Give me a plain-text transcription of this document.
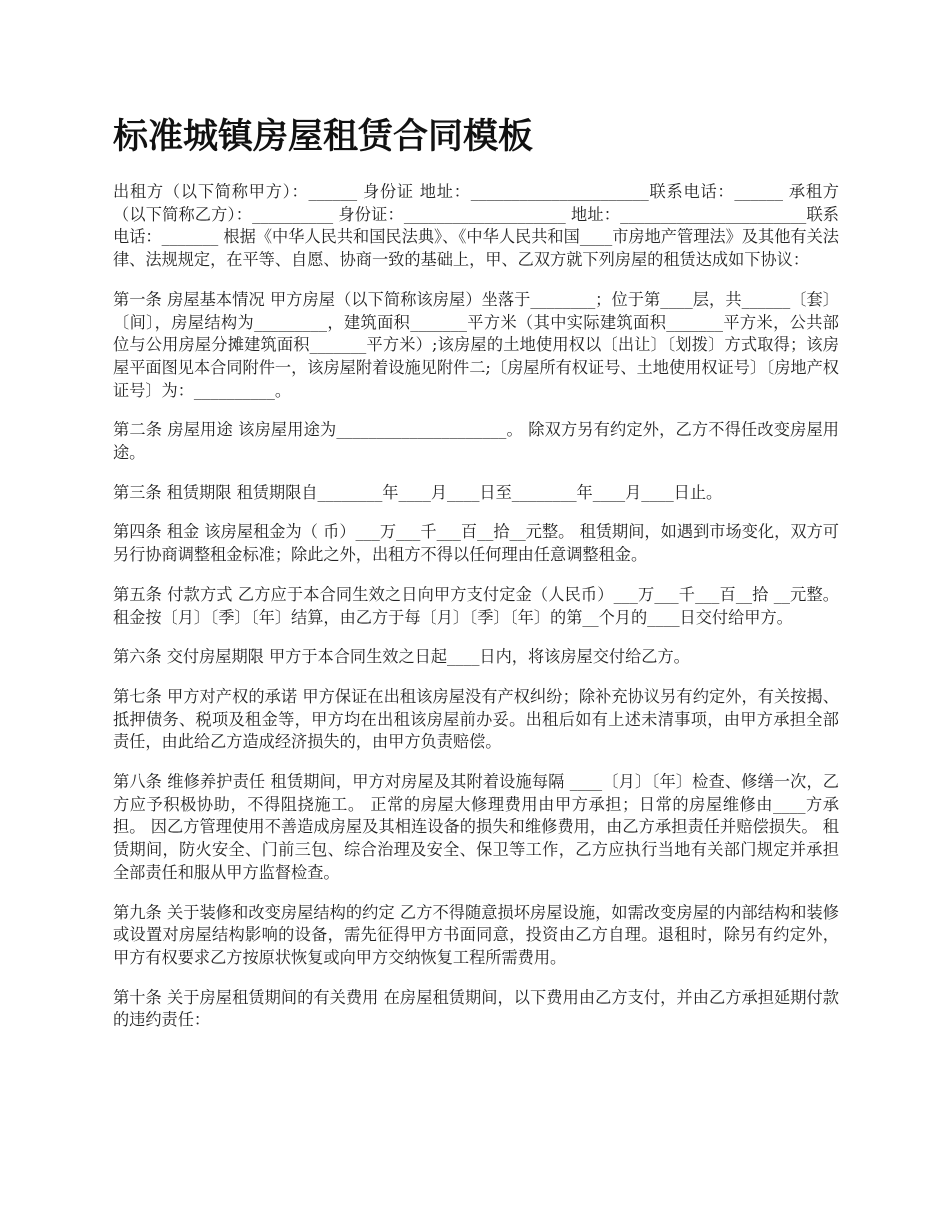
标准城镇房屋租赁合同模板

出租方（以下简称甲方）：______ 身份证 地址：______________________联系电话：______ 承租方（以下简称乙方）：__________ 身份证：____________________ 地址：_______________________联系电话：_______ 根据《中华人民共和国民法典》、《中华人民共和国____市房地产管理法》及其他有关法律、法规规定，在平等、自愿、协商一致的基础上，甲、乙双方就下列房屋的租赁达成如下协议：

第一条 房屋基本情况 甲方房屋（以下简称该房屋）坐落于________；位于第____层，共______〔套〕〔间〕，房屋结构为_________，建筑面积_______平方米（其中实际建筑面积_______平方米，公共部位与公用房屋分摊建筑面积_______平方米）;该房屋的土地使用权以〔出让〕〔划拨〕方式取得；该房屋平面图见本合同附件一，该房屋附着设施见附件二;〔房屋所有权证号、土地使用权证号〕〔房地产权证号〕为：__________。

第二条 房屋用途 该房屋用途为_____________________。 除双方另有约定外，乙方不得任改变房屋用途。

第三条 租赁期限 租赁期限自________年____月____日至________年____月____日止。

第四条 租金 该房屋租金为（ 币）___万___千___百__拾__元整。 租赁期间，如遇到市场变化，双方可另行协商调整租金标准；除此之外，出租方不得以任何理由任意调整租金。

第五条 付款方式 乙方应于本合同生效之日向甲方支付定金（人民币）___万___千___百__拾 __元整。租金按〔月〕〔季〕〔年〕结算，由乙方于每〔月〕〔季〕〔年〕的第__个月的____日交付给甲方。

第六条 交付房屋期限 甲方于本合同生效之日起____日内，将该房屋交付给乙方。

第七条 甲方对产权的承诺 甲方保证在出租该房屋没有产权纠纷；除补充协议另有约定外，有关按揭、抵押债务、税项及租金等，甲方均在出租该房屋前办妥。出租后如有上述未清事项，由甲方承担全部责任，由此给乙方造成经济损失的，由甲方负责赔偿。

第八条 维修养护责任 租赁期间，甲方对房屋及其附着设施每隔 ____〔月〕〔年〕检查、修缮一次，乙方应予积极协助，不得阻挠施工。 正常的房屋大修理费用由甲方承担；日常的房屋维修由____方承担。 因乙方管理使用不善造成房屋及其相连设备的损失和维修费用，由乙方承担责任并赔偿损失。 租赁期间，防火安全、门前三包、综合治理及安全、保卫等工作，乙方应执行当地有关部门规定并承担全部责任和服从甲方监督检查。

第九条 关于装修和改变房屋结构的约定 乙方不得随意损坏房屋设施，如需改变房屋的内部结构和装修或设置对房屋结构影响的设备，需先征得甲方书面同意，投资由乙方自理。退租时，除另有约定外，甲方有权要求乙方按原状恢复或向甲方交纳恢复工程所需费用。

第十条 关于房屋租赁期间的有关费用 在房屋租赁期间，以下费用由乙方支付，并由乙方承担延期付款的违约责任：
